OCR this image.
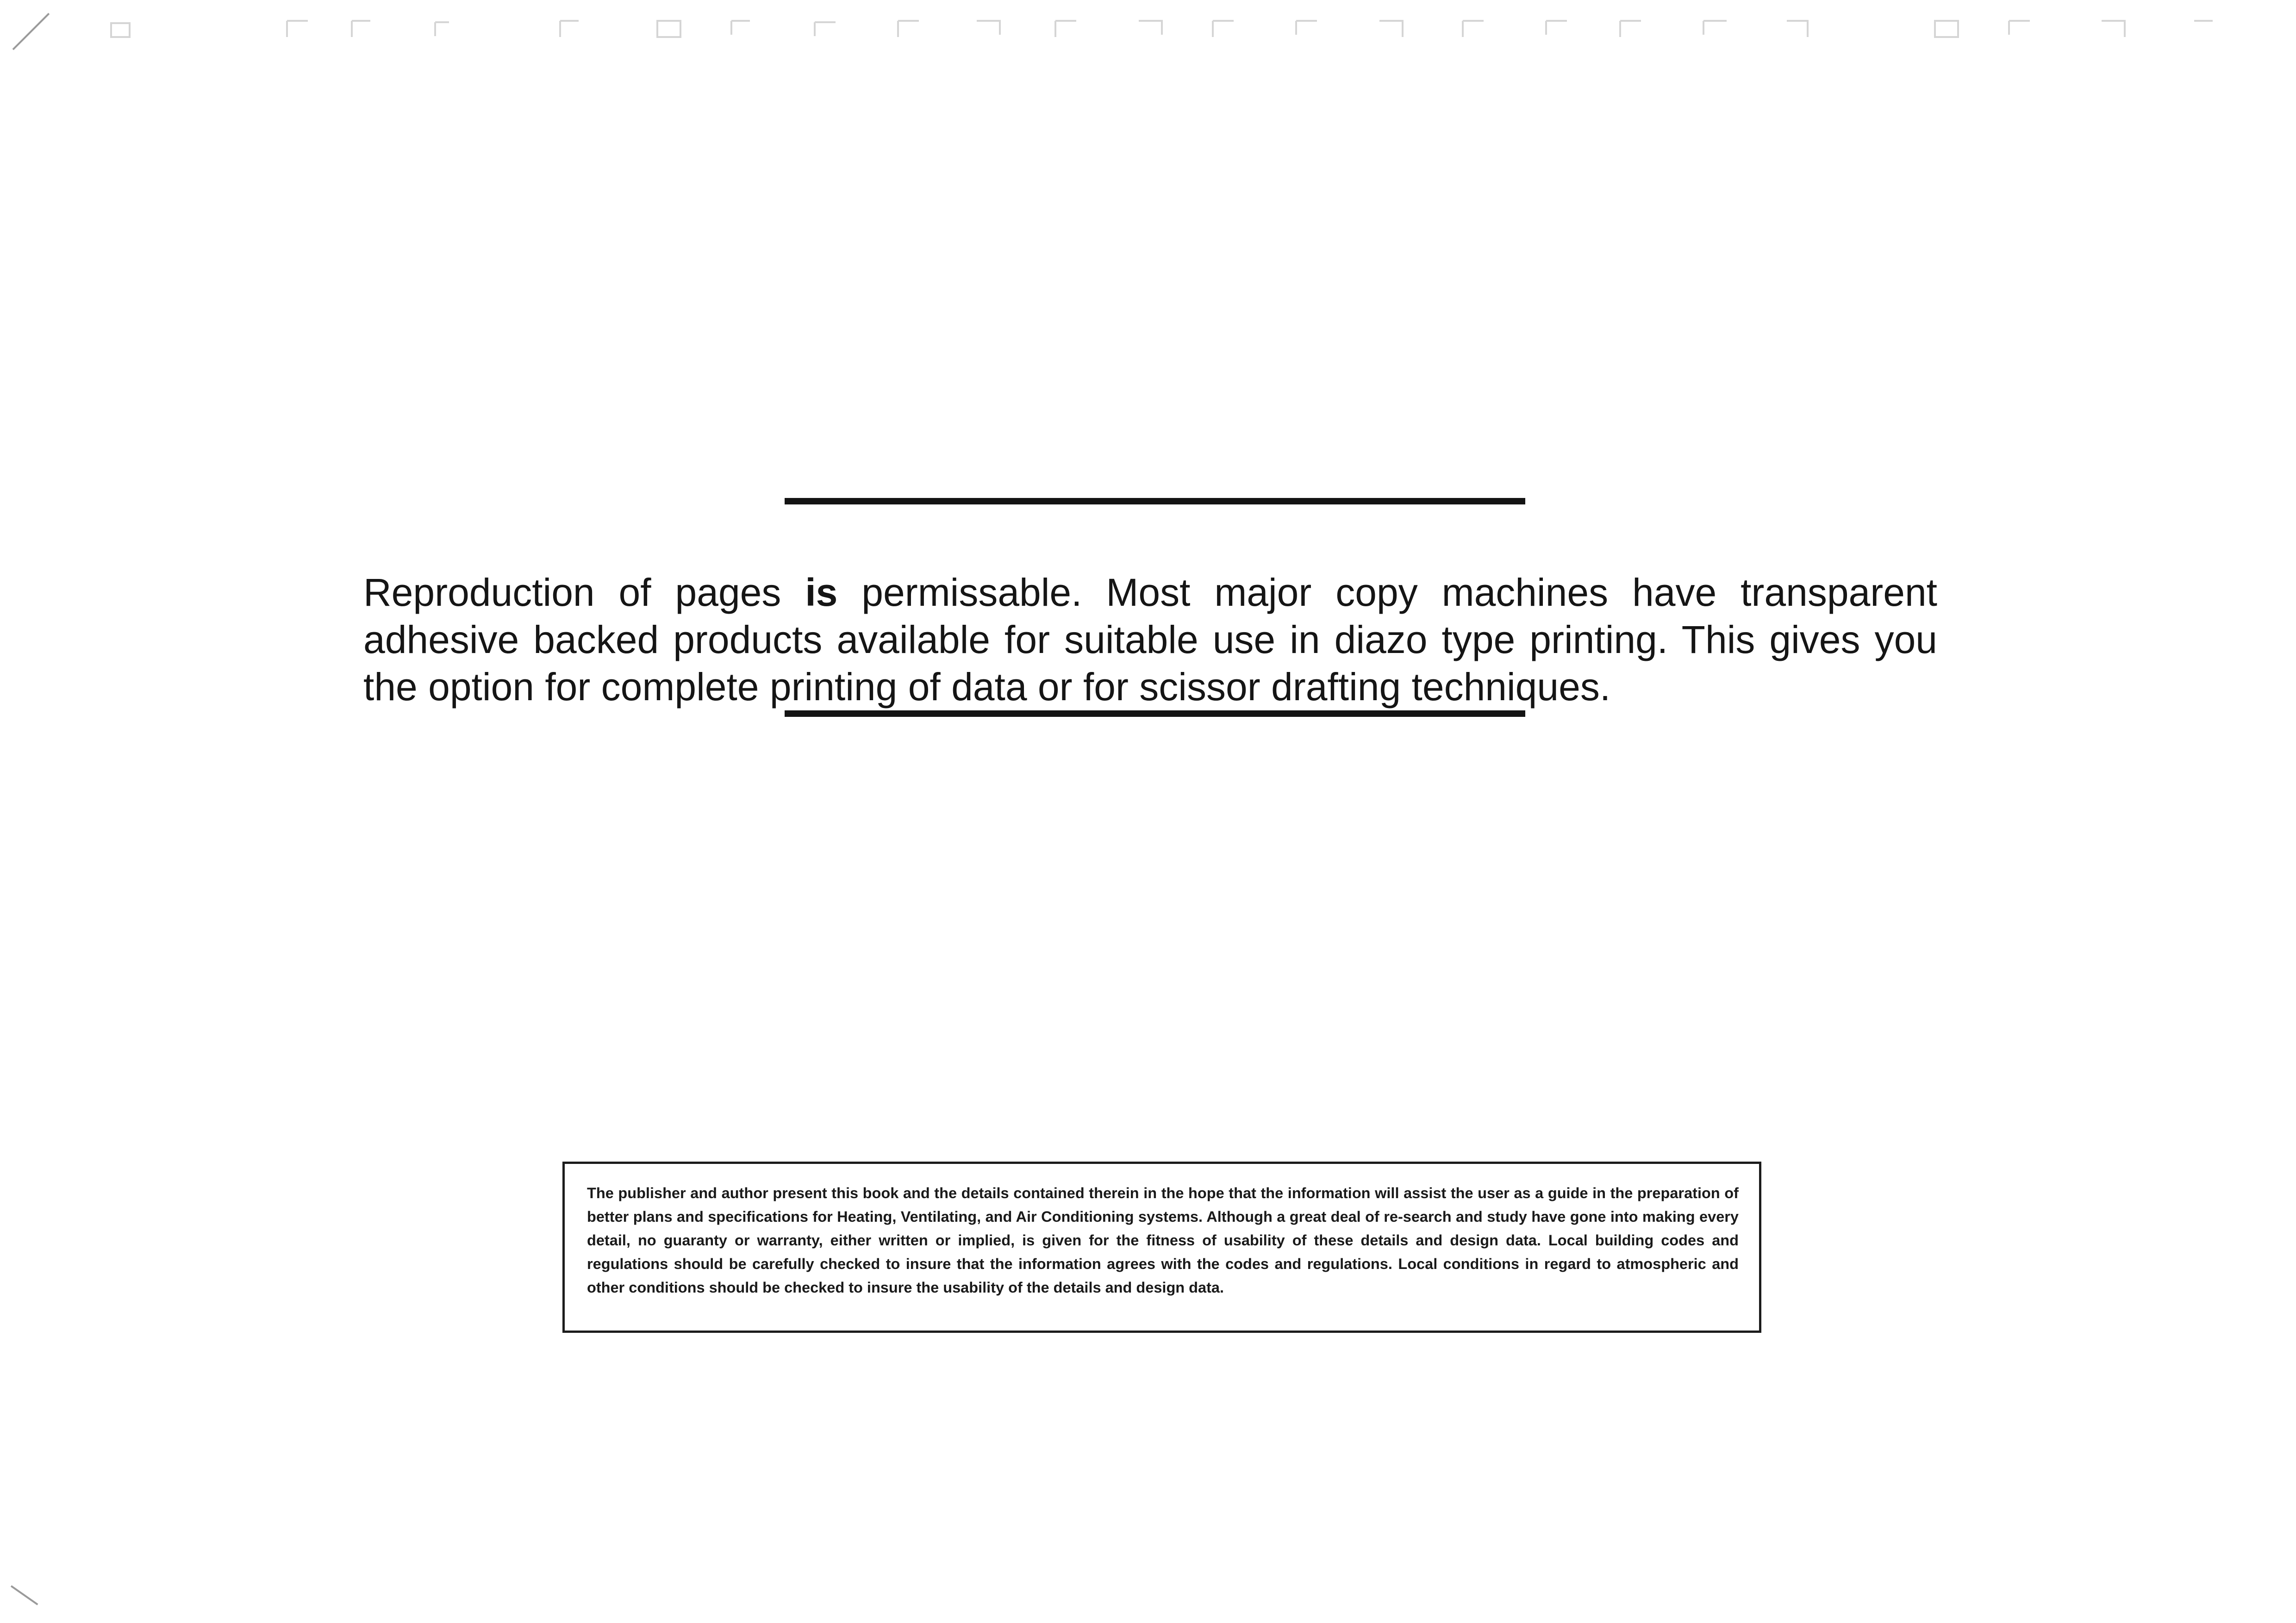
Reproduction of pages is permissable. Most major copy machines have transparent adhesive backed products available for suitable use in diazo type printing. This gives you the option for complete printing of data or for scissor drafting techniques.

The publisher and author present this book and the details contained therein in the hope that the information will assist the user as a guide in the preparation of better plans and specifications for Heating, Ventilating, and Air Conditioning systems. Although a great deal of re-search and study have gone into making every detail, no guaranty or warranty, either written or implied, is given for the fitness of usability of these details and design data. Local building codes and regulations should be carefully checked to insure that the information agrees with the codes and regulations. Local conditions in regard to atmospheric and other conditions should be checked to insure the usability of the details and design data.
